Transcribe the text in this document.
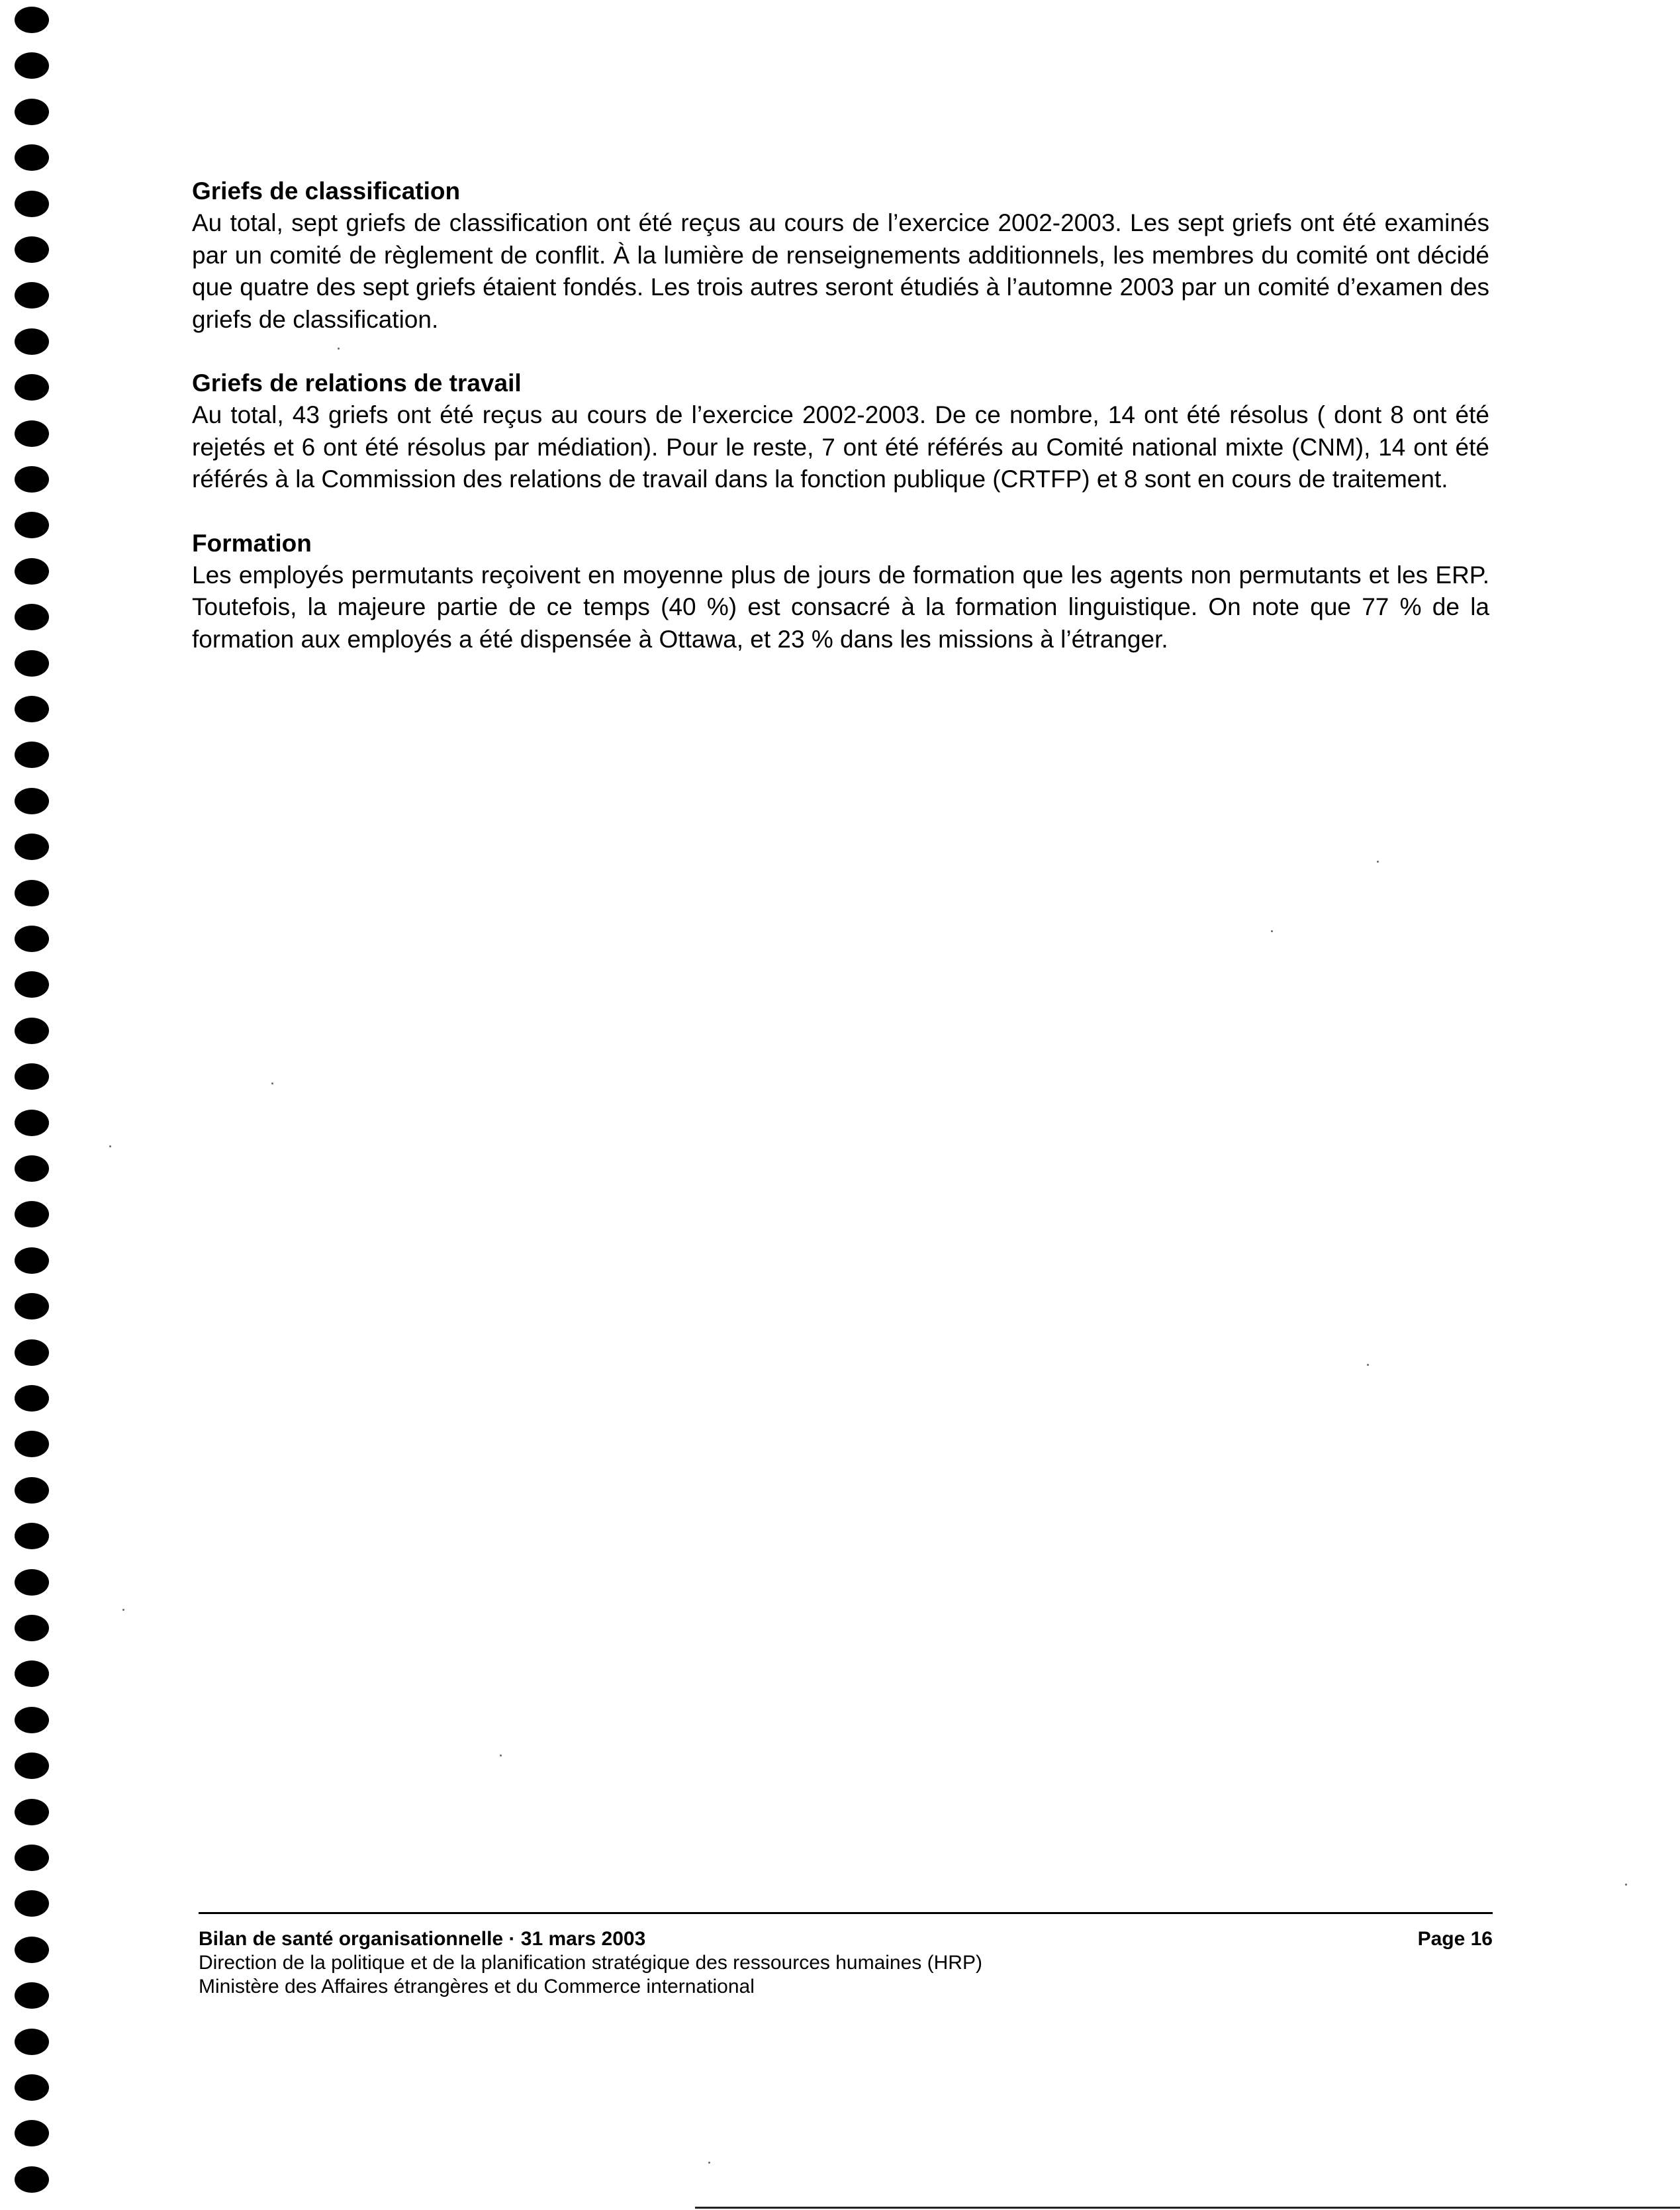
Griefs de classification

Au total, sept griefs de classification ont été reçus au cours de l’exercice 2002-2003. Les sept griefs ont été examinés par un comité de règlement de conflit. À la lumière de renseignements additionnels, les membres du comité ont décidé que quatre des sept griefs étaient fondés. Les trois autres seront étudiés à l’automne 2003 par un comité d’examen des griefs de classification.

Griefs de relations de travail

Au total, 43 griefs ont été reçus au cours de l’exercice 2002-2003. De ce nombre, 14 ont été résolus ( dont 8 ont été rejetés et 6 ont été résolus par médiation). Pour le reste, 7 ont été référés au Comité national mixte (CNM), 14 ont été référés à la Commission des relations de travail dans la fonction publique (CRTFP) et 8 sont en cours de traitement.

Formation

Les employés permutants reçoivent en moyenne plus de jours de formation que les agents non permutants et les ERP. Toutefois, la majeure partie de ce temps (40 %) est consacré à la formation linguistique. On note que 77 % de la formation aux employés a été dispensée à Ottawa, et 23 % dans les missions à l’étranger.

Bilan de santé organisationnelle · 31 mars 2003	Page 16
Direction de la politique et de la planification stratégique des ressources humaines (HRP)
Ministère des Affaires étrangères et du Commerce international
